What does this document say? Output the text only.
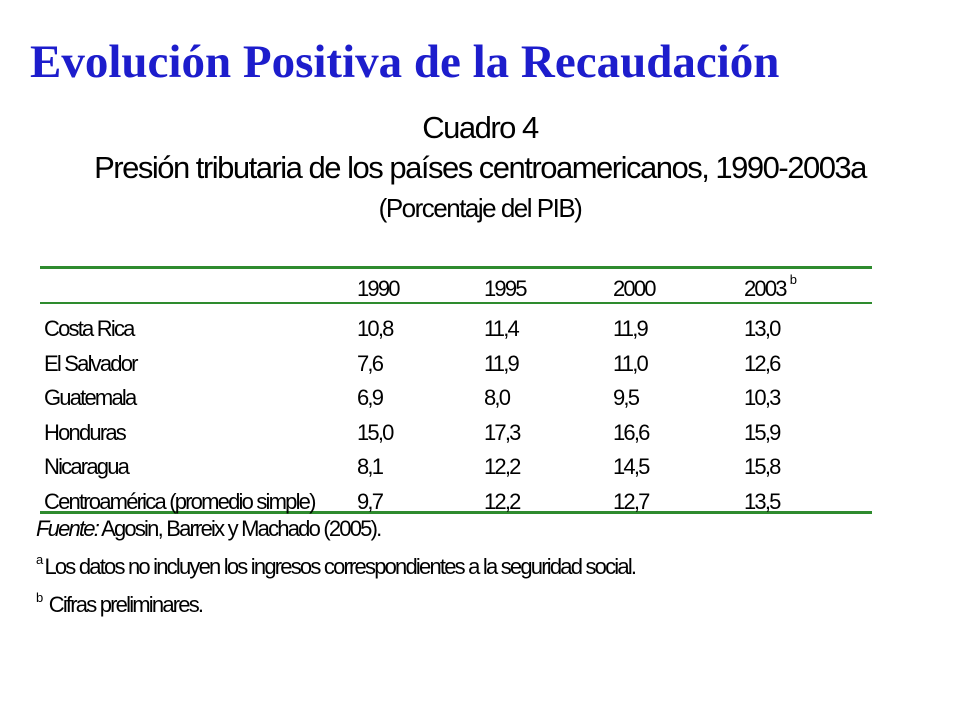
Evolución Positiva de la Recaudación
Cuadro 4
Presión tributaria de los países centroamericanos, 1990-2003a
(Porcentaje del PIB)
	1990	1995	2000	2003 $^b$
Costa Rica	10,8	11,4	11,9	13,0
El Salvador	7,6	11,9	11,0	12,6
Guatemala	6,9	8,0	9,5	10,3
Honduras	15,0	17,3	16,6	15,9
Nicaragua	8,1	12,2	14,5	15,8
Centroamérica (promedio simple)	9,7	12,2	12,7	13,5

Fuente: Agosin, Barreix y Machado (2005).

$^a$ Los datos no incluyen los ingresos correspondientes a la seguridad social.

$^b$ Cifras preliminares.
